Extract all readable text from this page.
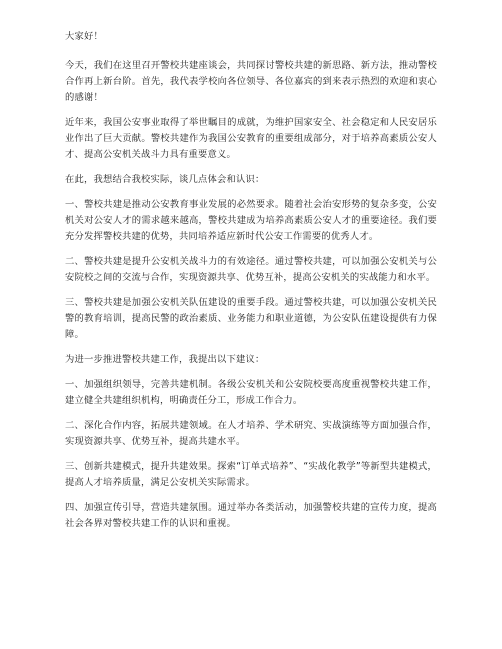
大家好！

今天，我们在这里召开警校共建座谈会，共同探讨警校共建的新思路、新方法，推动警校合作再上新台阶。首先，我代表学校向各位领导、各位嘉宾的到来表示热烈的欢迎和衷心的感谢！

近年来，我国公安事业取得了举世瞩目的成就，为维护国家安全、社会稳定和人民安居乐业作出了巨大贡献。警校共建作为我国公安教育的重要组成部分，对于培养高素质公安人才、提高公安机关战斗力具有重要意义。

在此，我想结合我校实际，谈几点体会和认识：

一、警校共建是推动公安教育事业发展的必然要求。随着社会治安形势的复杂多变，公安机关对公安人才的需求越来越高，警校共建成为培养高素质公安人才的重要途径。我们要充分发挥警校共建的优势，共同培养适应新时代公安工作需要的优秀人才。

二、警校共建是提升公安机关战斗力的有效途径。通过警校共建，可以加强公安机关与公安院校之间的交流与合作，实现资源共享、优势互补，提高公安机关的实战能力和水平。

三、警校共建是加强公安机关队伍建设的重要手段。通过警校共建，可以加强公安机关民警的教育培训，提高民警的政治素质、业务能力和职业道德，为公安队伍建设提供有力保障。

为进一步推进警校共建工作，我提出以下建议：

一、加强组织领导，完善共建机制。各级公安机关和公安院校要高度重视警校共建工作，建立健全共建组织机构，明确责任分工，形成工作合力。

二、深化合作内容，拓展共建领域。在人才培养、学术研究、实战演练等方面加强合作，实现资源共享、优势互补，提高共建水平。

三、创新共建模式，提升共建效果。探索“订单式培养”、“实战化教学”等新型共建模式，提高人才培养质量，满足公安机关实际需求。

四、加强宣传引导，营造共建氛围。通过举办各类活动，加强警校共建的宣传力度，提高社会各界对警校共建工作的认识和重视。
